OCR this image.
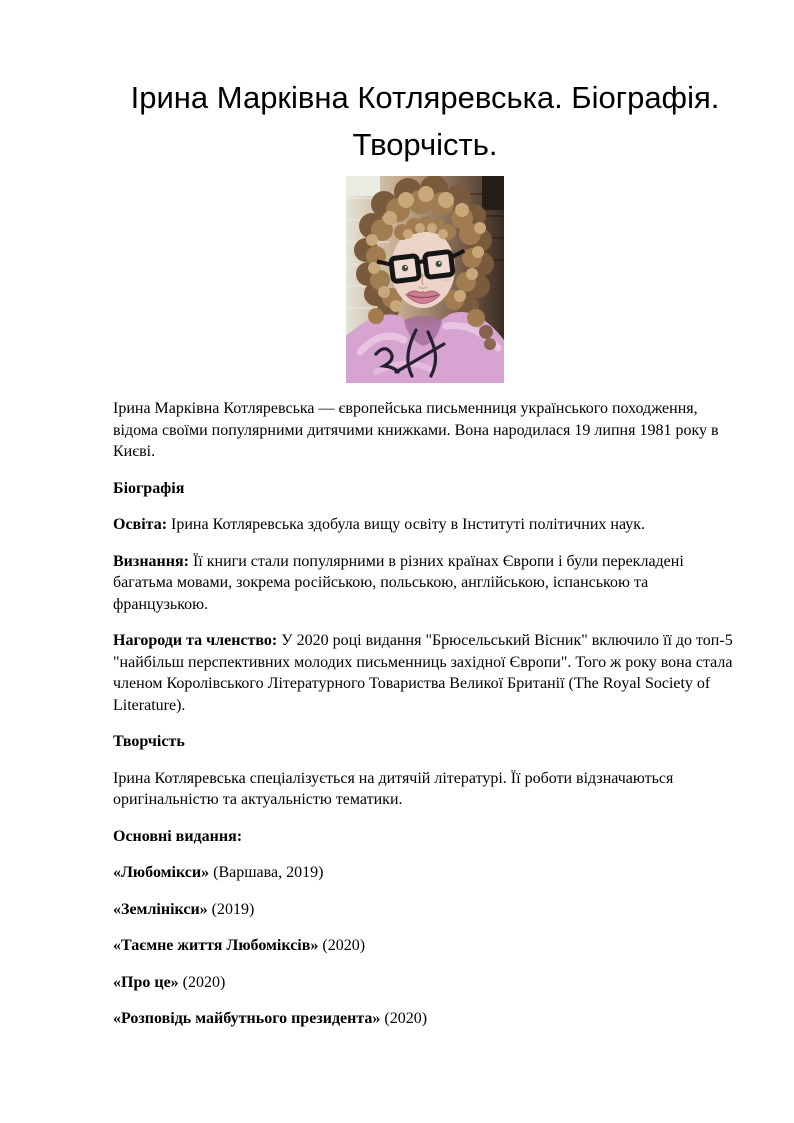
Ірина Марківна Котляревська. Біографія. Творчість.

Ірина Марківна Котляревська — європейська письменниця українського походження, відома своїми популярними дитячими книжками. Вона народилася 19 липня 1981 року в Києві.

Біографія

Освіта: Ірина Котляревська здобула вищу освіту в Інституті політичних наук.

Визнання: Її книги стали популярними в різних країнах Європи і були перекладені багатьма мовами, зокрема російською, польською, англійською, іспанською та французькою.

Нагороди та членство: У 2020 році видання "Брюсельський Вісник" включило її до топ-5 "найбільш перспективних молодих письменниць західної Європи". Того ж року вона стала членом Королівського Літературного Товариства Великої Британії (The Royal Society of Literature).

Творчість

Ірина Котляревська спеціалізується на дитячій літературі. Її роботи відзначаються оригінальністю та актуальністю тематики.

Основні видання:

«Любомікси» (Варшава, 2019)

«Землінікси» (2019)

«Таємне життя Любоміксів» (2020)

«Про це» (2020)

«Розповідь майбутнього президента» (2020)
